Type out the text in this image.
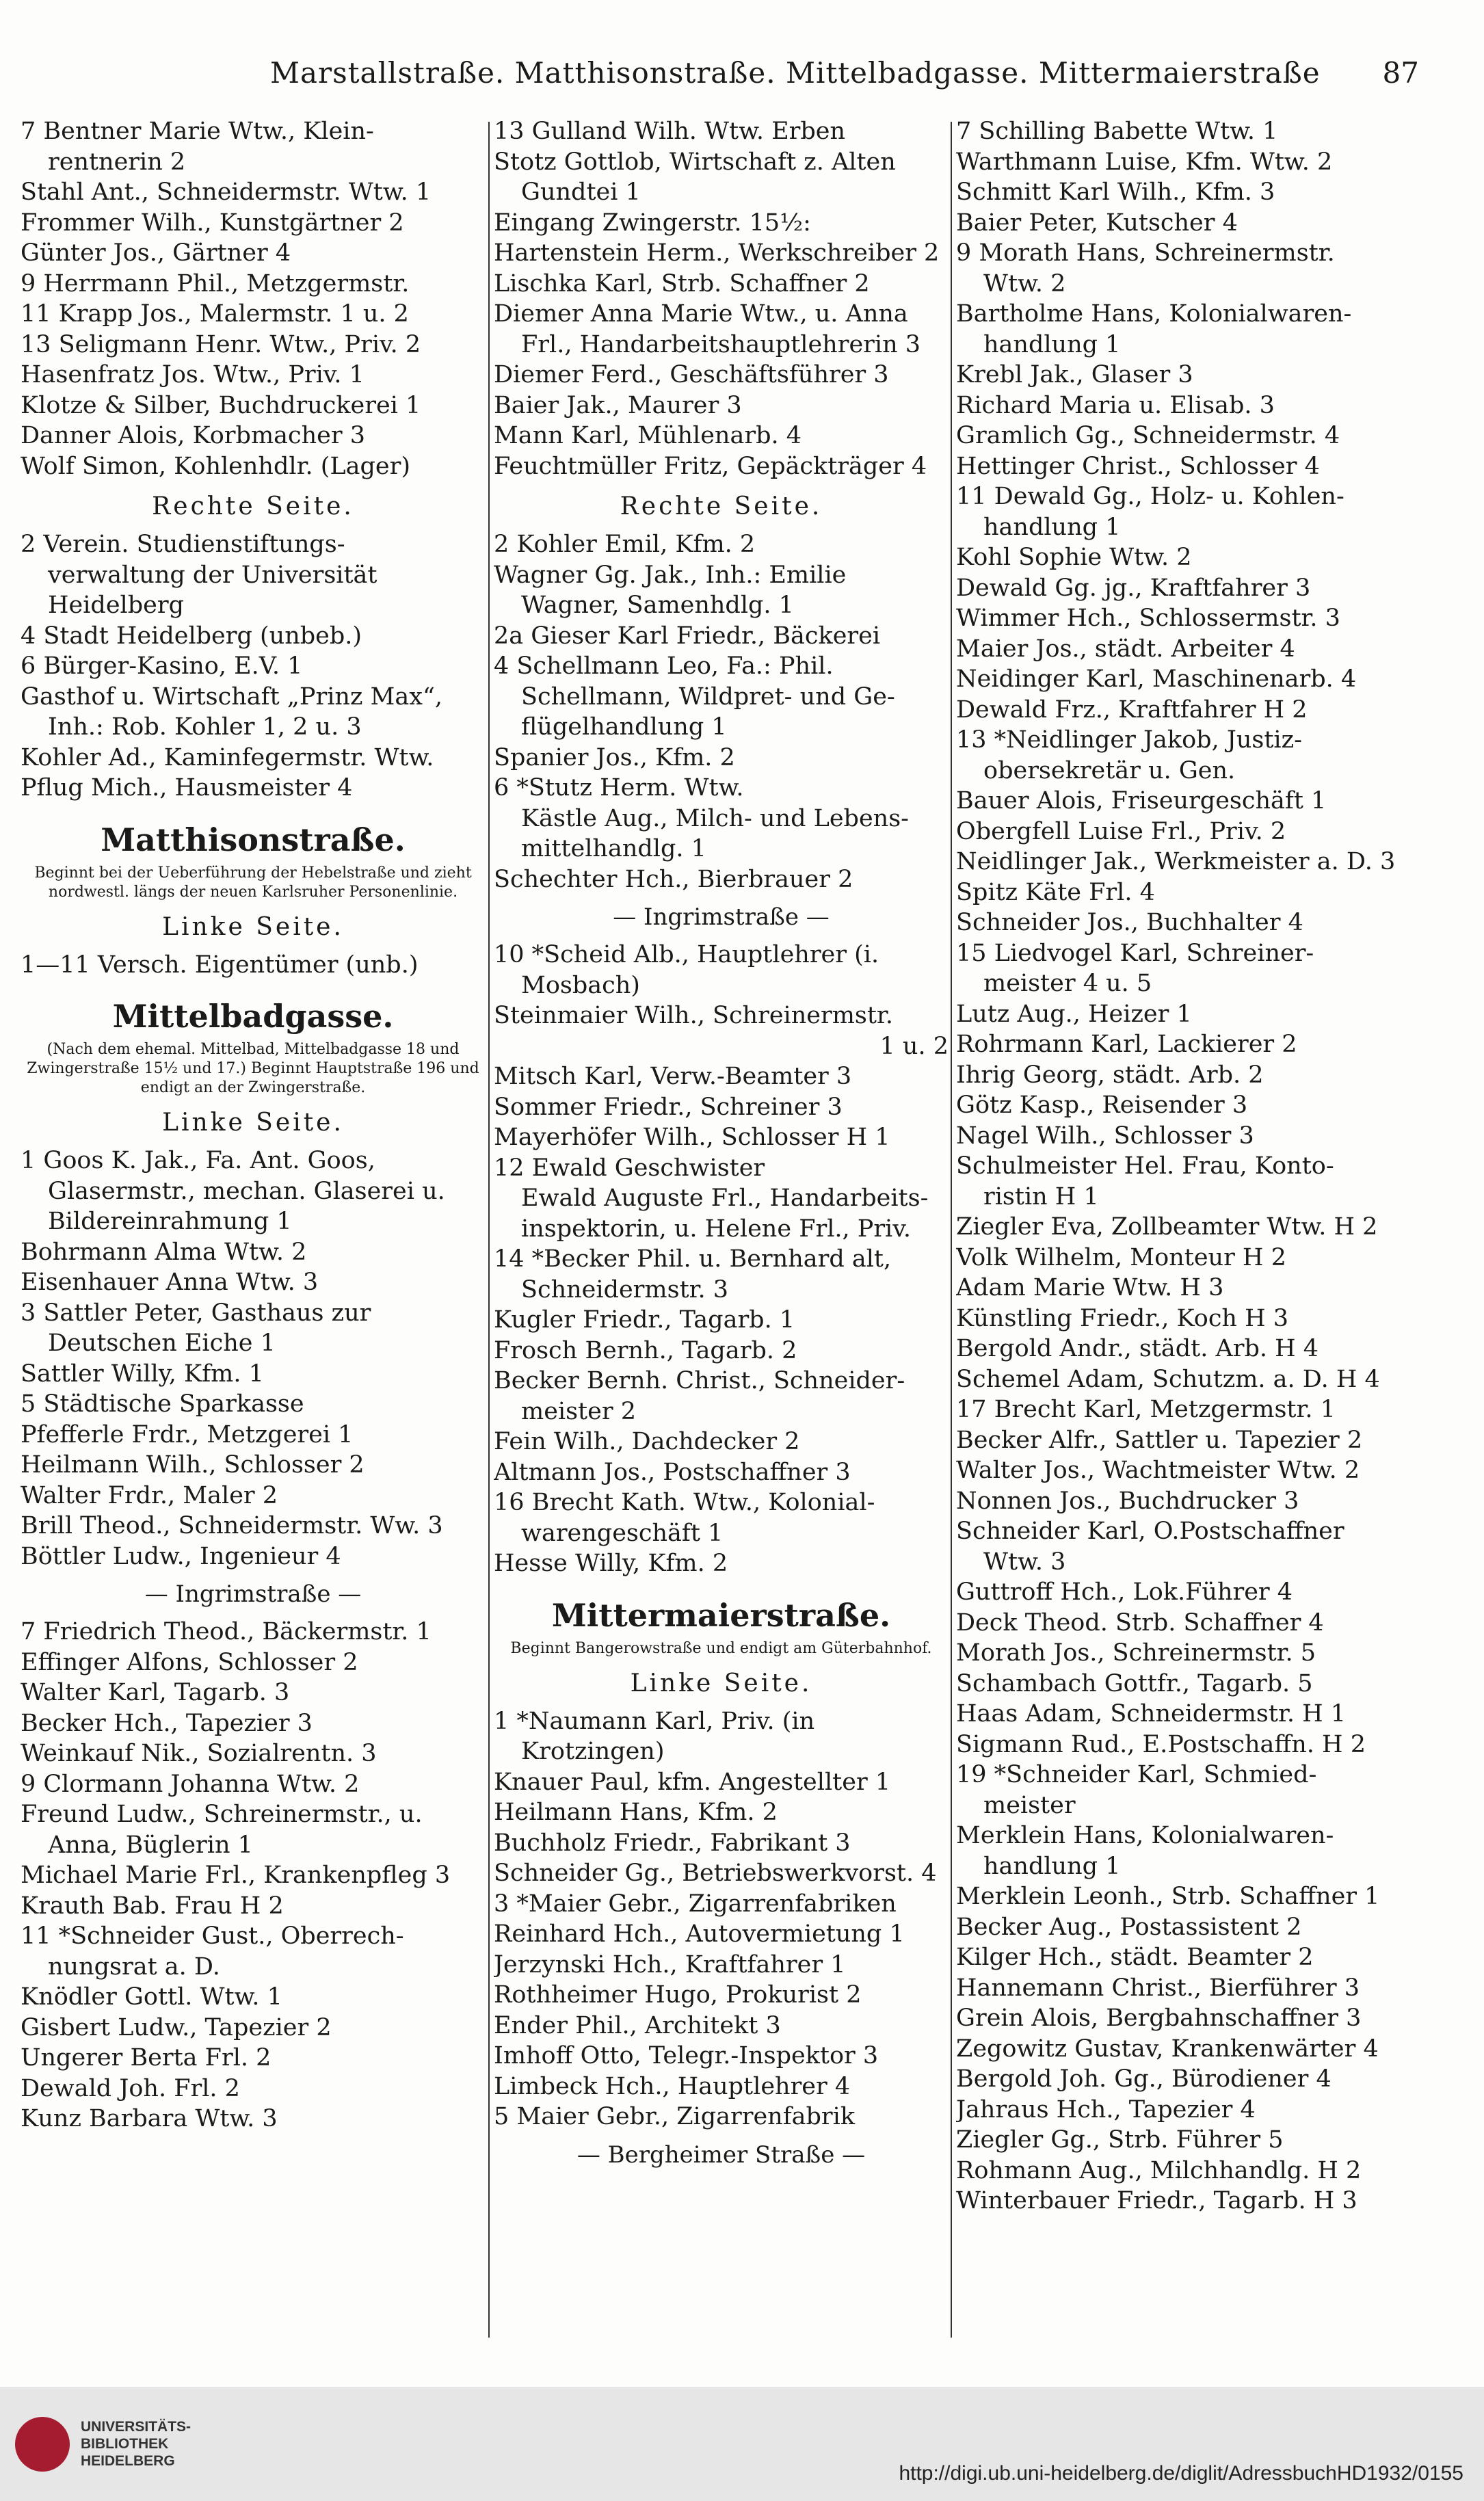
Marstallstraße. Matthisonstraße. Mittelbadgasse. Mittermaierstraße 87
7 Bentner Marie Wtw., Klein-
rentnerin 2
Stahl Ant., Schneidermstr. Wtw. 1
Frommer Wilh., Kunstgärtner 2
Günter Jos., Gärtner 4
9 Herrmann Phil., Metzgermstr.
11 Krapp Jos., Malermstr. 1 u. 2
13 Seligmann Henr. Wtw., Priv. 2
Hasenfratz Jos. Wtw., Priv. 1
Klotze & Silber, Buchdruckerei 1
Danner Alois, Korbmacher 3
Wolf Simon, Kohlenhdlr. (Lager)
Rechte Seite.
2 Verein. Studienstiftungs-
verwaltung der Universität
Heidelberg
4 Stadt Heidelberg (unbeb.)
6 Bürger-Kasino, E.V. 1
Gasthof u. Wirtschaft „Prinz Max“,
Inh.: Rob. Kohler 1, 2 u. 3
Kohler Ad., Kaminfegermstr. Wtw.
Pflug Mich., Hausmeister 4
Matthisonstraße.
Beginnt bei der Ueberführung der Hebelstraße und zieht nordwestl. längs der neuen Karlsruher Personenlinie.
Linke Seite.
1—11 Versch. Eigentümer (unb.)
Mittelbadgasse.
(Nach dem ehemal. Mittelbad, Mittelbadgasse 18 und Zwingerstraße 15½ und 17.) Beginnt Hauptstraße 196 und endigt an der Zwingerstraße.
Linke Seite.
1 Goos K. Jak., Fa. Ant. Goos,
Glasermstr., mechan. Glaserei u.
Bildereinrahmung 1
Bohrmann Alma Wtw. 2
Eisenhauer Anna Wtw. 3
3 Sattler Peter, Gasthaus zur
Deutschen Eiche 1
Sattler Willy, Kfm. 1
5 Städtische Sparkasse
Pfefferle Frdr., Metzgerei 1
Heilmann Wilh., Schlosser 2
Walter Frdr., Maler 2
Brill Theod., Schneidermstr. Ww. 3
Böttler Ludw., Ingenieur 4
— Ingrimstraße —
7 Friedrich Theod., Bäckermstr. 1
Effinger Alfons, Schlosser 2
Walter Karl, Tagarb. 3
Becker Hch., Tapezier 3
Weinkauf Nik., Sozialrentn. 3
9 Clormann Johanna Wtw. 2
Freund Ludw., Schreinermstr., u.
Anna, Büglerin 1
Michael Marie Frl., Krankenpfleg 3
Krauth Bab. Frau H 2
11 *Schneider Gust., Oberrech-
nungsrat a. D.
Knödler Gottl. Wtw. 1
Gisbert Ludw., Tapezier 2
Ungerer Berta Frl. 2
Dewald Joh. Frl. 2
Kunz Barbara Wtw. 3
13 Gulland Wilh. Wtw. Erben
Stotz Gottlob, Wirtschaft z. Alten
Gundtei 1
Eingang Zwingerstr. 15½:
Hartenstein Herm., Werkschreiber 2
Lischka Karl, Strb. Schaffner 2
Diemer Anna Marie Wtw., u. Anna
Frl., Handarbeitshauptlehrerin 3
Diemer Ferd., Geschäftsführer 3
Baier Jak., Maurer 3
Mann Karl, Mühlenarb. 4
Feuchtmüller Fritz, Gepäckträger 4
Rechte Seite.
2 Kohler Emil, Kfm. 2
Wagner Gg. Jak., Inh.: Emilie
Wagner, Samenhdlg. 1
2a Gieser Karl Friedr., Bäckerei
4 Schellmann Leo, Fa.: Phil.
Schellmann, Wildpret- und Ge-
flügelhandlung 1
Spanier Jos., Kfm. 2
6 *Stutz Herm. Wtw.
Kästle Aug., Milch- und Lebens-
mittelhandlg. 1
Schechter Hch., Bierbrauer 2
— Ingrimstraße —
10 *Scheid Alb., Hauptlehrer (i.
Mosbach)
Steinmaier Wilh., Schreinermstr.
1 u. 2
Mitsch Karl, Verw.-Beamter 3
Sommer Friedr., Schreiner 3
Mayerhöfer Wilh., Schlosser H 1
12 Ewald Geschwister
Ewald Auguste Frl., Handarbeits-
inspektorin, u. Helene Frl., Priv.
14 *Becker Phil. u. Bernhard alt,
Schneidermstr. 3
Kugler Friedr., Tagarb. 1
Frosch Bernh., Tagarb. 2
Becker Bernh. Christ., Schneider-
meister 2
Fein Wilh., Dachdecker 2
Altmann Jos., Postschaffner 3
16 Brecht Kath. Wtw., Kolonial-
warengeschäft 1
Hesse Willy, Kfm. 2
Mittermaierstraße.
Beginnt Bangerowstraße und endigt am Güterbahnhof.
Linke Seite.
1 *Naumann Karl, Priv. (in
Krotzingen)
Knauer Paul, kfm. Angestellter 1
Heilmann Hans, Kfm. 2
Buchholz Friedr., Fabrikant 3
Schneider Gg., Betriebswerkvorst. 4
3 *Maier Gebr., Zigarrenfabriken
Reinhard Hch., Autovermietung 1
Jerzynski Hch., Kraftfahrer 1
Rothheimer Hugo, Prokurist 2
Ender Phil., Architekt 3
Imhoff Otto, Telegr.-Inspektor 3
Limbeck Hch., Hauptlehrer 4
5 Maier Gebr., Zigarrenfabrik
— Bergheimer Straße —
7 Schilling Babette Wtw. 1
Warthmann Luise, Kfm. Wtw. 2
Schmitt Karl Wilh., Kfm. 3
Baier Peter, Kutscher 4
9 Morath Hans, Schreinermstr.
Wtw. 2
Bartholme Hans, Kolonialwaren-
handlung 1
Krebl Jak., Glaser 3
Richard Maria u. Elisab. 3
Gramlich Gg., Schneidermstr. 4
Hettinger Christ., Schlosser 4
11 Dewald Gg., Holz- u. Kohlen-
handlung 1
Kohl Sophie Wtw. 2
Dewald Gg. jg., Kraftfahrer 3
Wimmer Hch., Schlossermstr. 3
Maier Jos., städt. Arbeiter 4
Neidinger Karl, Maschinenarb. 4
Dewald Frz., Kraftfahrer H 2
13 *Neidlinger Jakob, Justiz-
obersekretär u. Gen.
Bauer Alois, Friseurgeschäft 1
Obergfell Luise Frl., Priv. 2
Neidlinger Jak., Werkmeister a. D. 3
Spitz Käte Frl. 4
Schneider Jos., Buchhalter 4
15 Liedvogel Karl, Schreiner-
meister 4 u. 5
Lutz Aug., Heizer 1
Rohrmann Karl, Lackierer 2
Ihrig Georg, städt. Arb. 2
Götz Kasp., Reisender 3
Nagel Wilh., Schlosser 3
Schulmeister Hel. Frau, Konto-
ristin H 1
Ziegler Eva, Zollbeamter Wtw. H 2
Volk Wilhelm, Monteur H 2
Adam Marie Wtw. H 3
Künstling Friedr., Koch H 3
Bergold Andr., städt. Arb. H 4
Schemel Adam, Schutzm. a. D. H 4
17 Brecht Karl, Metzgermstr. 1
Becker Alfr., Sattler u. Tapezier 2
Walter Jos., Wachtmeister Wtw. 2
Nonnen Jos., Buchdrucker 3
Schneider Karl, O.Postschaffner
Wtw. 3
Guttroff Hch., Lok.Führer 4
Deck Theod. Strb. Schaffner 4
Morath Jos., Schreinermstr. 5
Schambach Gottfr., Tagarb. 5
Haas Adam, Schneidermstr. H 1
Sigmann Rud., E.Postschaffn. H 2
19 *Schneider Karl, Schmied-
meister
Merklein Hans, Kolonialwaren-
handlung 1
Merklein Leonh., Strb. Schaffner 1
Becker Aug., Postassistent 2
Kilger Hch., städt. Beamter 2
Hannemann Christ., Bierführer 3
Grein Alois, Bergbahnschaffner 3
Zegowitz Gustav, Krankenwärter 4
Bergold Joh. Gg., Bürodiener 4
Jahraus Hch., Tapezier 4
Ziegler Gg., Strb. Führer 5
Rohmann Aug., Milchhandlg. H 2
Winterbauer Friedr., Tagarb. H 3
UNIVERSITÄTS-
BIBLIOTHEK
HEIDELBERG
http://digi.ub.uni-heidelberg.de/diglit/AdressbuchHD1932/0155
